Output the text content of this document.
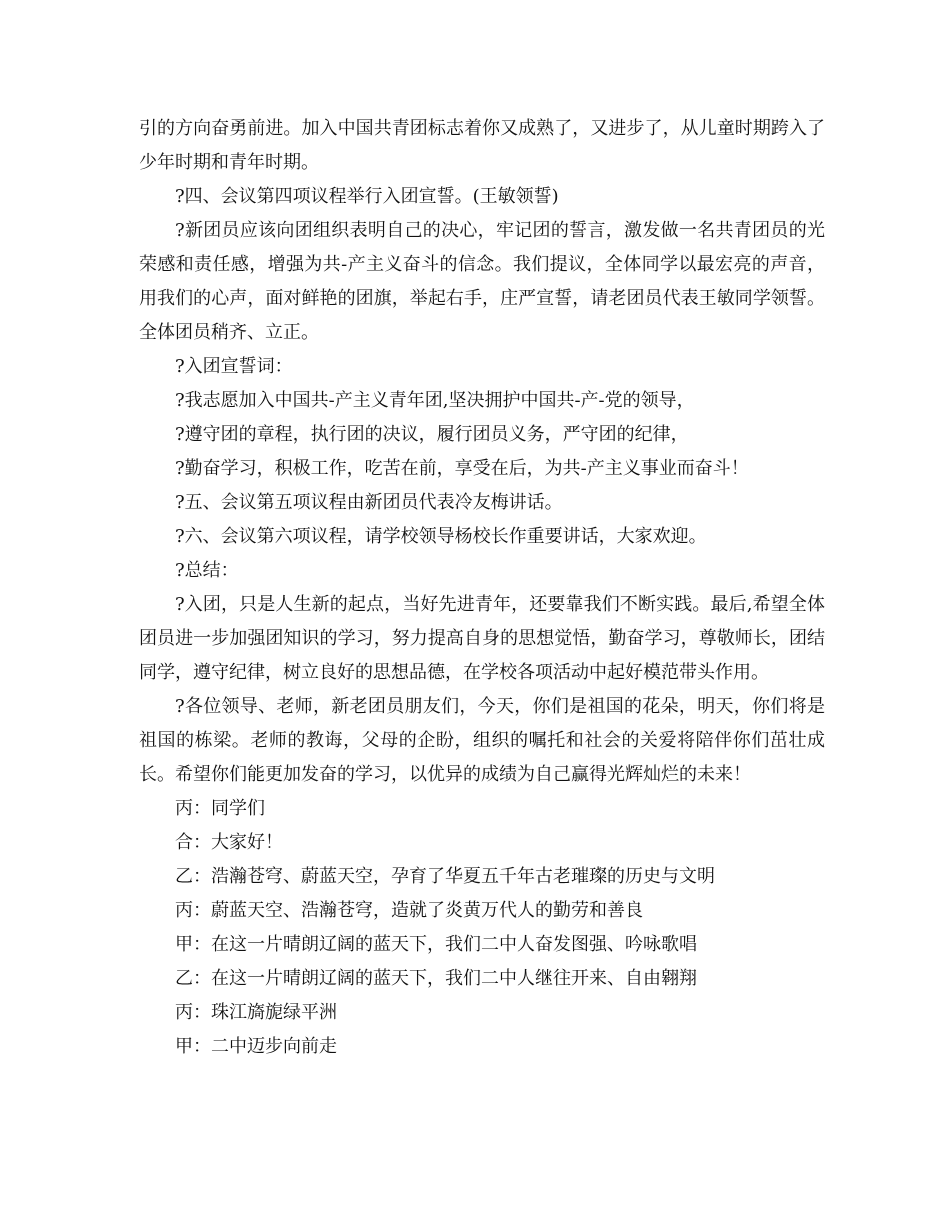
引的方向奋勇前进。加入中国共青团标志着你又成熟了，又进步了，从儿童时期跨入了少年时期和青年时期。

?四、会议第四项议程举行入团宣誓。(王敏领誓)

?新团员应该向团组织表明自己的决心，牢记团的誓言，激发做一名共青团员的光荣感和责任感，增强为共-产主义奋斗的信念。我们提议，全体同学以最宏亮的声音，用我们的心声，面对鲜艳的团旗，举起右手，庄严宣誓，请老团员代表王敏同学领誓。全体团员稍齐、立正。

?入团宣誓词：

?我志愿加入中国共-产主义青年团,坚决拥护中国共-产-党的领导，

?遵守团的章程，执行团的决议，履行团员义务，严守团的纪律，

?勤奋学习，积极工作，吃苦在前，享受在后，为共-产主义事业而奋斗！

?五、会议第五项议程由新团员代表冷友梅讲话。

?六、会议第六项议程，请学校领导杨校长作重要讲话，大家欢迎。

?总结：

?入团，只是人生新的起点，当好先进青年，还要靠我们不断实践。最后,希望全体团员进一步加强团知识的学习，努力提高自身的思想觉悟，勤奋学习，尊敬师长，团结同学，遵守纪律，树立良好的思想品德，在学校各项活动中起好模范带头作用。

?各位领导、老师，新老团员朋友们，今天，你们是祖国的花朵，明天，你们将是祖国的栋梁。老师的教诲，父母的企盼，组织的嘱托和社会的关爱将陪伴你们茁壮成长。希望你们能更加发奋的学习，以优异的成绩为自己赢得光辉灿烂的未来！

丙：同学们

合：大家好！

乙：浩瀚苍穹、蔚蓝天空，孕育了华夏五千年古老璀璨的历史与文明

丙：蔚蓝天空、浩瀚苍穹，造就了炎黄万代人的勤劳和善良

甲：在这一片晴朗辽阔的蓝天下，我们二中人奋发图强、吟咏歌唱

乙：在这一片晴朗辽阔的蓝天下，我们二中人继往开来、自由翱翔

丙：珠江旖旎绿平洲

甲：二中迈步向前走
